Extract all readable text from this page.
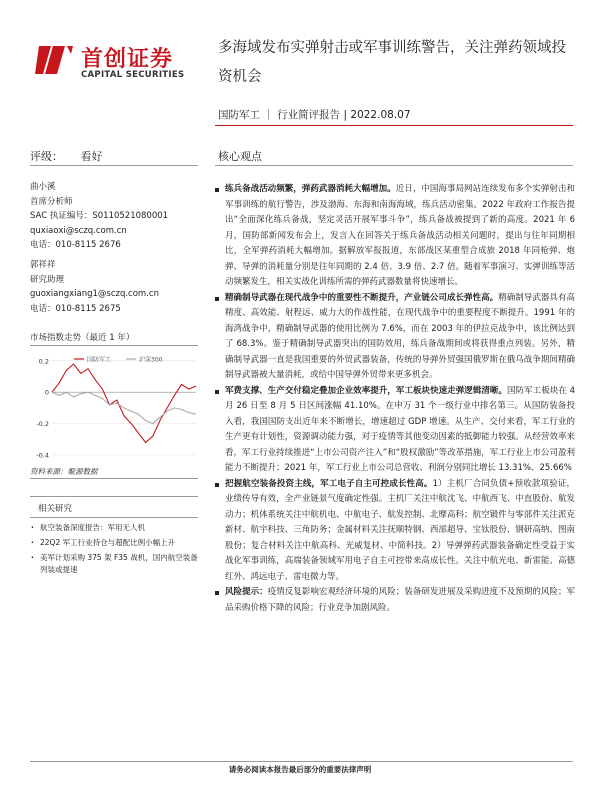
首创证券
CAPITAL SECURITIES
多海域发布实弹射击或军事训练警告，关注弹药领域投资机会
国防军工 ｜ 行业简评报告 | 2022.08.07
评级： 看好	核心观点
曲小溪
首席分析师
SAC 执证编号：S0110521080001
quxiaoxi@sczq.com.cn
电话：010-8115 2676
郭祥祥
研究助理
guoxiangxiang1@sczq.com.cn
电话：010-8115 2675
市场指数走势（最近 1 年）
0.2
0
-0.2
-0.4
国防军工	沪深300
资料来源：聚源数据
相关研究
· 航空装备深度报告：军用无人机
· 22Q2 军工行业持仓与超配比例小幅上升
· 美军计划采购 375 架 F35 战机，国内航空装备列装或提速
练兵备战活动频繁，弹药武器消耗大幅增加。近日，中国海事局网站连续发布多个实弹射击和军事训练的航行警告，涉及渤海、东海和南海海域，练兵活动密集。2022 年政府工作报告提出“全面深化练兵备战，坚定灵活开展军事斗争”，练兵备战被提到了新的高度。2021 年 6 月，国防部新闻发布会上，发言人在回答关于练兵备战活动相关问题时，提出与往年同期相比，全军弹药消耗大幅增加。据解放军报报道，东部战区某重型合成旅 2018 年同枪弹、炮弹、导弹的消耗量分别是往年同期的 2.4 倍、3.9 倍、2.7 倍。随着军事演习、实弹训练等活动频繁发生，相关实战化训练所需的弹药武器数量将快速增长。
精确制导武器在现代战争中的重要性不断提升，产业链公司成长弹性高。精确制导武器具有高精度、高效能、射程远、威力大的作战性能，在现代战争中的重要程度不断提升。1991 年的海湾战争中，精确制导武器的使用比例为 7.6%，而在 2003 年的伊拉克战争中，该比例达到了 68.3%。鉴于精确制导武器突出的国防效用，练兵备战期间或将获得重点列装。另外，精确制导武器一直是我国重要的外贸武器装备，传统的导弹外贸强国俄罗斯在俄乌战争期间精确制导武器被大量消耗，或给中国导弹外贸带来更多机会。
军费支撑、生产交付稳定叠加企业效率提升，军工板块快速走弹逻辑清晰。国防军工板块在 4 月 26 日至 8 月 5 日区间涨幅 41.10%。在申万 31 个一级行业中排名第三。从国防装备投入看，我国国防支出近年来不断增长，增速超过 GDP 增速。从生产、交付来看，军工行业的生产更有计划性，资源调动能力强，对于疫情等其他变动因素的抵御能力较强。从经营效率来看，军工行业持续推进“上市公司资产注入”和“股权激励”等改革措施，军工行业上市公司盈利能力不断提升；2021 年，军工行业上市公司总营收、利润分别同比增长 13.31%、25.66%
把握航空装备投资主线，军工电子自主可控成长性高。1）主机厂合同负债+预收款项验证，业绩传导有效，全产业链景气度确定性强。主机厂关注中航沈飞、中航西飞、中直股份、航发动力；机体系统关注中航机电、中航电子、航发控制、北摩高科；航空锻件与零部件关注派克新材、航宇科技、三角防务；金属材料关注抚顺特钢、西部超导、宝钛股份、钢研高纳、图南股份；复合材料关注中航高科、光威复材、中简科技。2）导弹弹药武器装备确定性受益于实战化军事训练，高端装备领域军用电子自主可控带来高成长性。关注中航光电、新雷能、高德红外、鸿远电子、雷电微力等。
风险提示：疫情反复影响宏观经济环境的风险；装备研发进展及采购进度不及预期的风险；军品采购价格下降的风险；行业竞争加剧风险。
请务必阅读本报告最后部分的重要法律声明
